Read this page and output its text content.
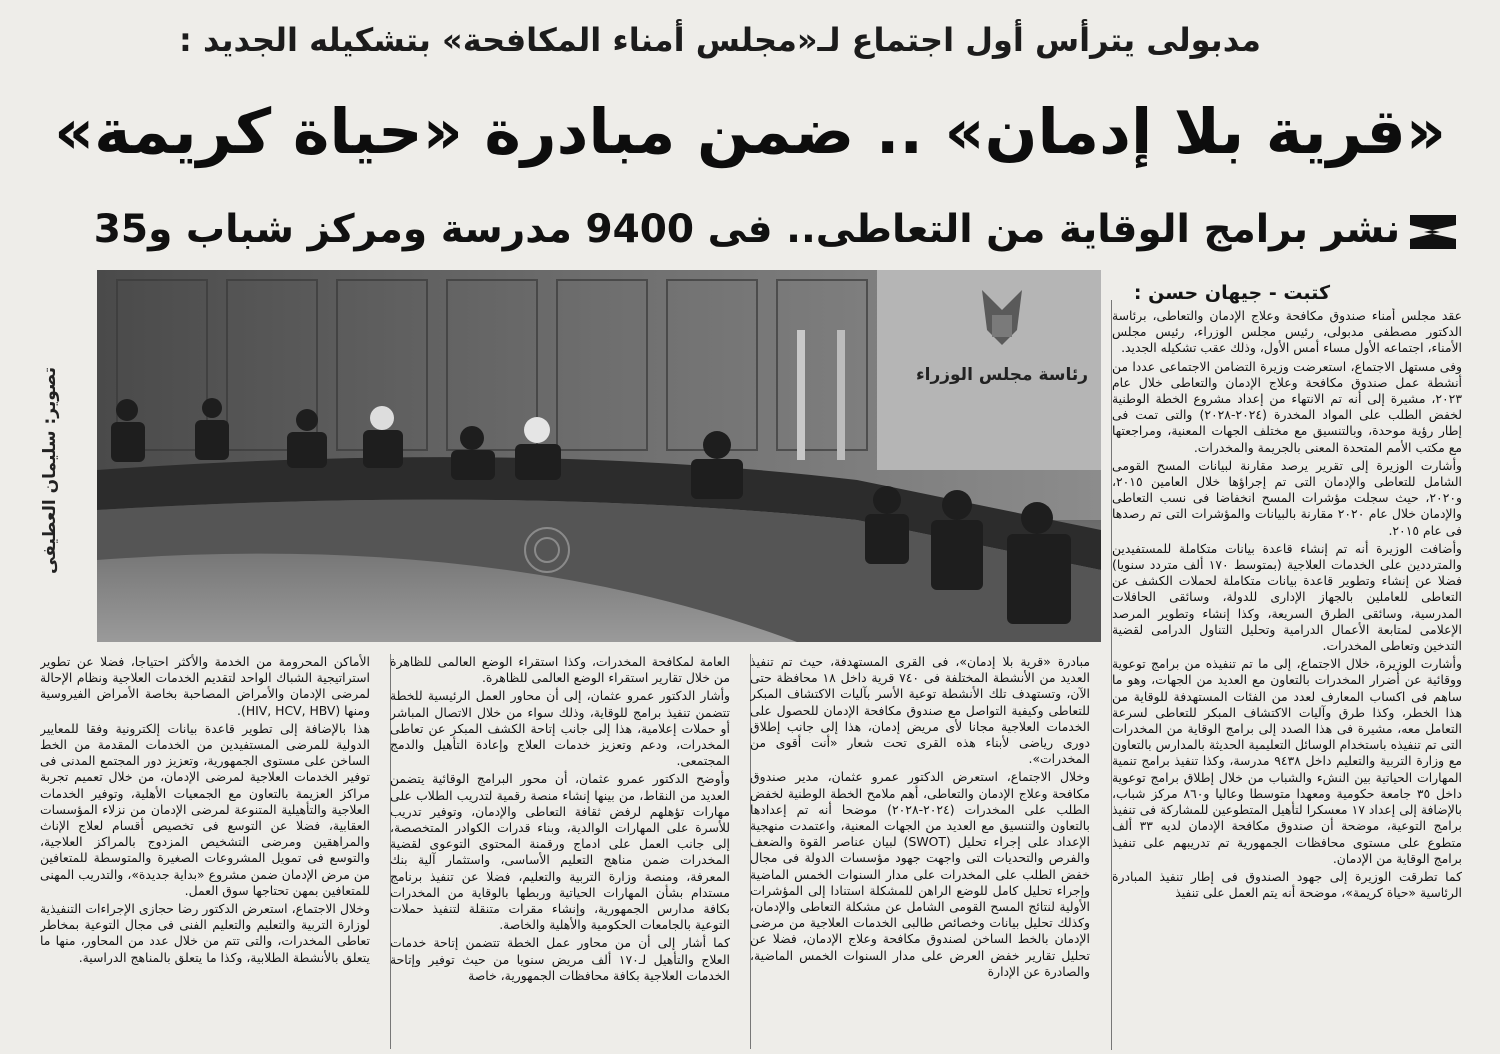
مدبولى يترأس أول اجتماع لـ«مجلس أمناء المكافحة» بتشكيله الجديد :
«قرية بلا إدمان» .. ضمن مبادرة «حياة كريمة»
نشر برامج الوقاية من التعاطى.. فى 9400 مدرسة ومركز شباب و35
تصوير: سليمان العطيفى	رئاسة مجلس الوزراء
كتبت - جيهان حسن :

عقد مجلس أمناء صندوق مكافحة وعلاج الإدمان والتعاطى، برئاسة الدكتور مصطفى مدبولى، رئيس مجلس الوزراء، رئيس مجلس الأمناء، اجتماعه الأول مساء أمس الأول، وذلك عقب تشكيله الجديد.

وفى مستهل الاجتماع، استعرضت وزيرة التضامن الاجتماعى عددا من أنشطة عمل صندوق مكافحة وعلاج الإدمان والتعاطى خلال عام ٢٠٢٣، مشيرة إلى أنه تم الانتهاء من إعداد مشروع الخطة الوطنية لخفض الطلب على المواد المخدرة (٢٠٢٤-٢٠٢٨) والتى تمت فى إطار رؤية موحدة، وبالتنسيق مع مختلف الجهات المعنية، ومراجعتها مع مكتب الأمم المتحدة المعنى بالجريمة والمخدرات.

وأشارت الوزيرة إلى تقرير يرصد مقارنة لبيانات المسح القومى الشامل للتعاطى والإدمان التى تم إجراؤها خلال العامين ٢٠١٥، و٢٠٢٠، حيث سجلت مؤشرات المسح انخفاضا فى نسب التعاطى والإدمان خلال عام ٢٠٢٠ مقارنة بالبيانات والمؤشرات التى تم رصدها فى عام ٢٠١٥.

وأضافت الوزيرة أنه تم إنشاء قاعدة بيانات متكاملة للمستفيدين والمترددين على الخدمات العلاجية (بمتوسط ١٧٠ ألف متردد سنويا) فضلا عن إنشاء وتطوير قاعدة بيانات متكاملة لحملات الكشف عن التعاطى للعاملين بالجهاز الإدارى للدولة، وسائقى الحافلات المدرسية، وسائقى الطرق السريعة، وكذا إنشاء وتطوير المرصد الإعلامى لمتابعة الأعمال الدرامية وتحليل التناول الدرامى لقضية التدخين وتعاطى المخدرات.

وأشارت الوزيرة، خلال الاجتماع، إلى ما تم تنفيذه من برامج توعوية ووقائية عن أضرار المخدرات بالتعاون مع العديد من الجهات، وهو ما ساهم فى اكساب المعارف لعدد من الفئات المستهدفة للوقاية من هذا الخطر، وكذا طرق وآليات الاكتشاف المبكر للتعاطى لسرعة التعامل معه، مشيرة فى هذا الصدد إلى برامج الوقاية من المخدرات التى تم تنفيذه باستخدام الوسائل التعليمية الحديثة بالمدارس بالتعاون مع وزارة التربية والتعليم داخل ٩٤٣٨ مدرسة، وكذا تنفيذ برامج تنمية المهارات الحياتية بين النشء والشباب من خلال إطلاق برامج توعوية داخل ٣٥ جامعة حكومية ومعهدا متوسطا وعاليا و٨٦٠ مركز شباب، بالإضافة إلى إعداد ١٧ معسكرا لتأهيل المتطوعين للمشاركة فى تنفيذ برامج التوعية، موضحة أن صندوق مكافحة الإدمان لديه ٣٣ ألف متطوع على مستوى محافظات الجمهورية تم تدريبهم على تنفيذ برامج الوقاية من الإدمان.

كما تطرقت الوزيرة إلى جهود الصندوق فى إطار تنفيذ المبادرة الرئاسية «حياة كريمة»، موضحة أنه يتم العمل على تنفيذ

مبادرة «قرية بلا إدمان»، فى القرى المستهدفة، حيث تم تنفيذ العديد من الأنشطة المختلفة فى ٧٤٠ قرية داخل ١٨ محافظة حتى الآن، وتستهدف تلك الأنشطة توعية الأسر بآليات الاكتشاف المبكر للتعاطى وكيفية التواصل مع صندوق مكافحة الإدمان للحصول على الخدمات العلاجية مجانا لأى مريض إدمان، هذا إلى جانب إطلاق دورى رياضى لأبناء هذه القرى تحت شعار «أنت أقوى من المخدرات».

وخلال الاجتماع، استعرض الدكتور عمرو عثمان، مدير صندوق مكافحة وعلاج الإدمان والتعاطى، أهم ملامح الخطة الوطنية لخفض الطلب على المخدرات (٢٠٢٤-٢٠٢٨) موضحا أنه تم إعدادها بالتعاون والتنسيق مع العديد من الجهات المعنية، واعتمدت منهجية الإعداد على إجراء تحليل (SWOT) لبيان عناصر القوة والضعف والفرص والتحديات التى واجهت جهود مؤسسات الدولة فى مجال خفض الطلب على المخدرات على مدار السنوات الخمس الماضية وإجراء تحليل كامل للوضع الراهن للمشكلة استنادا إلى المؤشرات الأولية لنتائج المسح القومى الشامل عن مشكلة التعاطى والإدمان، وكذلك تحليل بيانات وخصائص طالبى الخدمات العلاجية من مرضى الإدمان بالخط الساخن لصندوق مكافحة وعلاج الإدمان، فضلا عن تحليل تقارير خفض العرض على مدار السنوات الخمس الماضية، والصادرة عن الإدارة

العامة لمكافحة المخدرات، وكذا استقراء الوضع العالمى للظاهرة من خلال تقارير استقراء الوضع العالمى للظاهرة.

وأشار الدكتور عمرو عثمان، إلى أن محاور العمل الرئيسية للخطة تتضمن تنفيذ برامج للوقاية، وذلك سواء من خلال الاتصال المباشر أو حملات إعلامية، هذا إلى جانب إتاحة الكشف المبكر عن تعاطى المخدرات، ودعم وتعزيز خدمات العلاج وإعادة التأهيل والدمج المجتمعى.

وأوضح الدكتور عمرو عثمان، أن محور البرامج الوقائية يتضمن العديد من النقاط، من بينها إنشاء منصة رقمية لتدريب الطلاب على مهارات تؤهلهم لرفض ثقافة التعاطى والإدمان، وتوفير تدريب للأسرة على المهارات الوالدية، وبناء قدرات الكوادر المتخصصة، إلى جانب العمل على ادماج ورقمنة المحتوى التوعوى لقضية المخدرات ضمن مناهج التعليم الأساسى، واستثمار آلية بنك المعرفة، ومنصة وزارة التربية والتعليم، فضلا عن تنفيذ برنامج مستدام بشأن المهارات الحياتية وربطها بالوقاية من المخدرات بكافة مدارس الجمهورية، وإنشاء مقرات متنقلة لتنفيذ حملات التوعية بالجامعات الحكومية والأهلية والخاصة.

كما أشار إلى أن من محاور عمل الخطة تتضمن إتاحة خدمات العلاج والتأهيل لـ١٧٠ ألف مريض سنويا من حيث توفير وإتاحة الخدمات العلاجية بكافة محافظات الجمهورية، خاصة

الأماكن المحرومة من الخدمة والأكثر احتياجا، فضلا عن تطوير استراتيجية الشباك الواحد لتقديم الخدمات العلاجية ونظام الإحالة لمرضى الإدمان والأمراض المصاحبة بخاصة الأمراض الفيروسية ومنها (HIV, HCV, HBV).

هذا بالإضافة إلى تطوير قاعدة بيانات إلكترونية وفقا للمعايير الدولية للمرضى المستفيدين من الخدمات المقدمة من الخط الساخن على مستوى الجمهورية، وتعزيز دور المجتمع المدنى فى توفير الخدمات العلاجية لمرضى الإدمان، من خلال تعميم تجربة مراكز العزيمة بالتعاون مع الجمعيات الأهلية، وتوفير الخدمات العلاجية والتأهيلية المتنوعة لمرضى الإدمان من نزلاء المؤسسات العقابية، فضلا عن التوسع فى تخصيص أقسام لعلاج الإناث والمراهقين ومرضى التشخيص المزدوج بالمراكز العلاجية، والتوسع فى تمويل المشروعات الصغيرة والمتوسطة للمتعافين من مرض الإدمان ضمن مشروع «بداية جديدة»، والتدريب المهنى للمتعافين بمهن تحتاجها سوق العمل.

وخلال الاجتماع، استعرض الدكتور رضا حجازى الإجراءات التنفيذية لوزارة التربية والتعليم والتعليم الفنى فى مجال التوعية بمخاطر تعاطى المخدرات، والتى تتم من خلال عدد من المحاور، منها ما يتعلق بالأنشطة الطلابية، وكذا ما يتعلق بالمناهج الدراسية.
